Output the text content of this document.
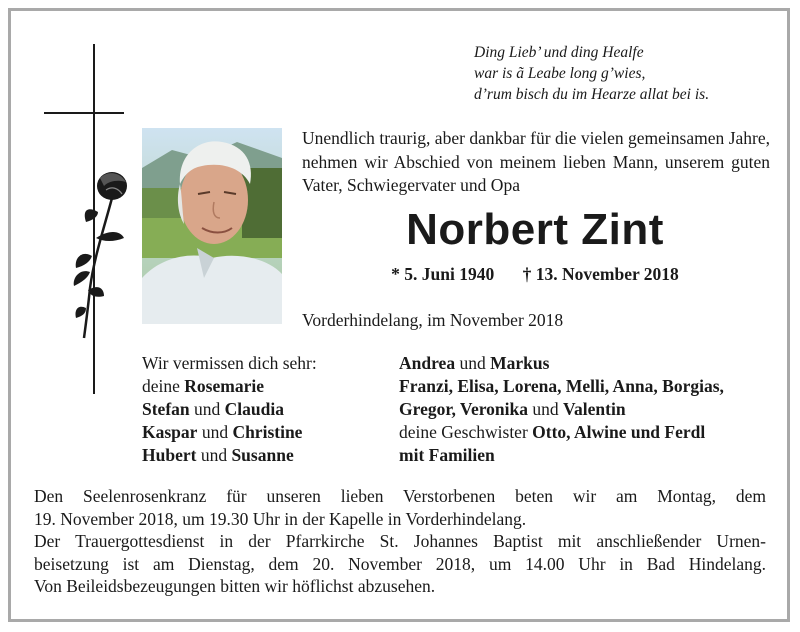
Ding Lieb’ und ding Healfe
war is ã Leabe long g’wies,
d’rum bisch du im Hearze allat bei is.
Unendlich traurig, aber dankbar für die vielen gemeinsamen Jahre, nehmen wir Abschied von meinem lieben Mann, unserem guten Vater, Schwiegervater und Opa
Norbert Zint
* 5. Juni 1940 † 13. November 2018
Vorderhindelang, im November 2018
Wir vermissen dich sehr:
deine Rosemarie
Stefan und Claudia
Kaspar und Christine
Hubert und Susanne
Andrea und Markus
Franzi, Elisa, Lorena, Melli, Anna, Borgias,
Gregor, Veronika und Valentin
deine Geschwister Otto, Alwine und Ferdl
mit Familien

Den Seelenrosenkranz für unseren lieben Verstorbenen beten wir am Montag, dem

19. November 2018, um 19.30 Uhr in der Kapelle in Vorderhindelang.

Der Trauergottesdienst in der Pfarrkirche St. Johannes Baptist mit anschließender Urnen-

beisetzung ist am Dienstag, dem 20. November 2018, um 14.00 Uhr in Bad Hindelang.

Von Beileidsbezeugungen bitten wir höflichst abzusehen.
